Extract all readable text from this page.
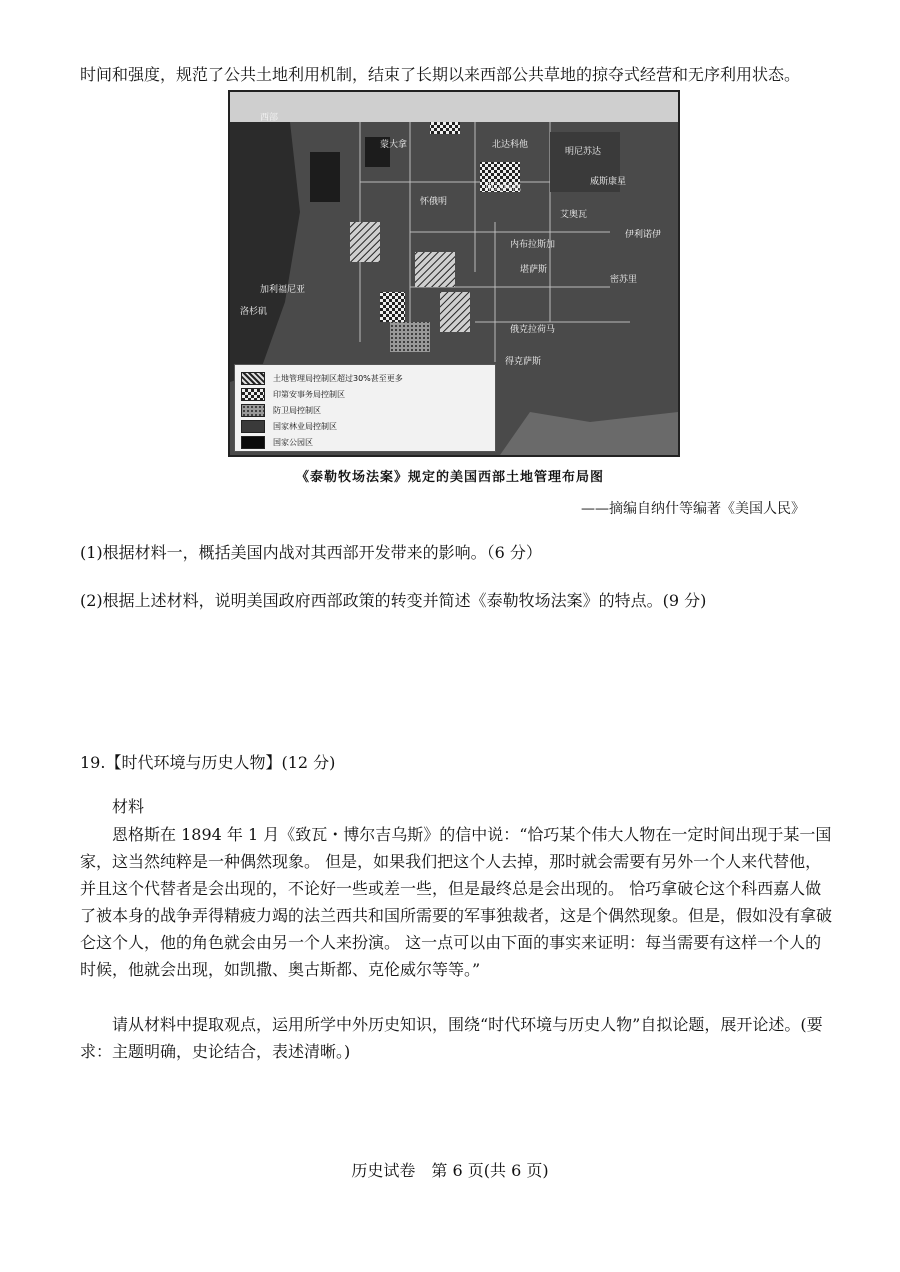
时间和强度，规范了公共土地利用机制，结束了长期以来西部公共草地的掠夺式经营和无序利用状态。
西部
北达科他
明尼苏达
威斯康星
南达科他
怀俄明
蒙大拿
艾奥瓦
内布拉斯加
伊利诺伊
堪萨斯
密苏里
加利福尼亚
洛杉矶
俄克拉荷马
得克萨斯
土地管理局控制区超过30%甚至更多
印第安事务局控制区
防卫局控制区
国家林业局控制区
国家公园区
《泰勒牧场法案》规定的美国西部土地管理布局图
——摘编自纳什等编著《美国人民》
(1)根据材料一，概括美国内战对其西部开发带来的影响。（6 分）
(2)根据上述材料，说明美国政府西部政策的转变并简述《泰勒牧场法案》的特点。(9 分)
19.【时代环境与历史人物】(12 分)
材料
恩格斯在 1894 年 1 月《致瓦・博尔吉乌斯》的信中说：“恰巧某个伟大人物在一定时间出现于某一国家，这当然纯粹是一种偶然现象。 但是，如果我们把这个人去掉，那时就会需要有另外一个人来代替他，并且这个代替者是会出现的，不论好一些或差一些，但是最终总是会出现的。 恰巧拿破仑这个科西嘉人做了被本身的战争弄得精疲力竭的法兰西共和国所需要的军事独裁者，这是个偶然现象。但是，假如没有拿破仑这个人，他的角色就会由另一个人来扮演。 这一点可以由下面的事实来证明：每当需要有这样一个人的时候，他就会出现，如凯撒、奥古斯都、克伦威尔等等。”
请从材料中提取观点，运用所学中外历史知识，围绕“时代环境与历史人物”自拟论题，展开论述。(要求：主题明确，史论结合，表述清晰。)
历史试卷　第 6 页(共 6 页)
